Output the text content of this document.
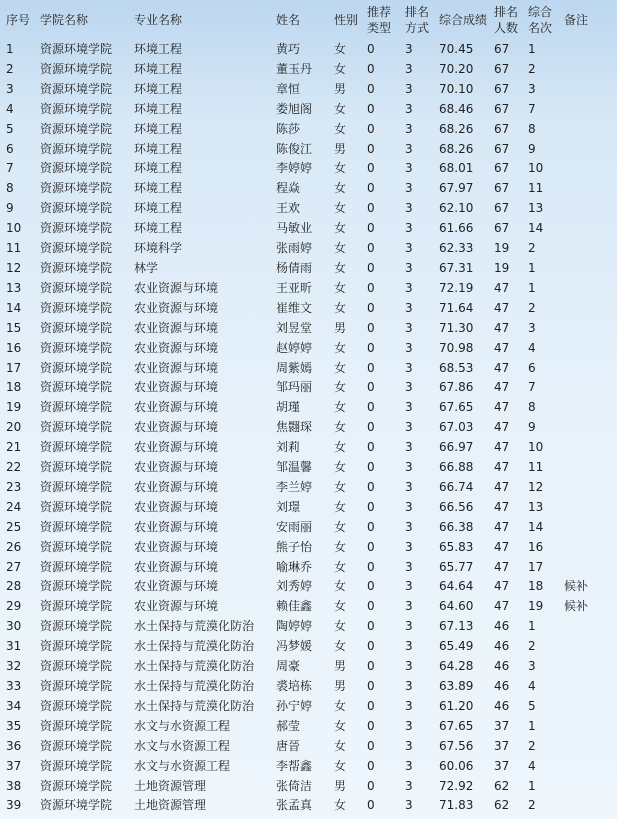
序号	学院名称	专业名称	姓名	性别	推荐类型	排名方式	综合成绩	排名人数	综合名次	备注
1	资源环境学院	环境工程	黄巧	女	0	3	70.45	67	1	
2	资源环境学院	环境工程	董玉丹	女	0	3	70.20	67	2	
3	资源环境学院	环境工程	章恒	男	0	3	70.10	67	3	
4	资源环境学院	环境工程	娄旭阁	女	0	3	68.46	67	7	
5	资源环境学院	环境工程	陈莎	女	0	3	68.26	67	8	
6	资源环境学院	环境工程	陈俊江	男	0	3	68.26	67	9	
7	资源环境学院	环境工程	李婷婷	女	0	3	68.01	67	10	
8	资源环境学院	环境工程	程焱	女	0	3	67.97	67	11	
9	资源环境学院	环境工程	王欢	女	0	3	62.10	67	13	
10	资源环境学院	环境工程	马敏业	女	0	3	61.66	67	14	
11	资源环境学院	环境科学	张雨婷	女	0	3	62.33	19	2	
12	资源环境学院	林学	杨倩雨	女	0	3	67.31	19	1	
13	资源环境学院	农业资源与环境	王亚昕	女	0	3	72.19	47	1	
14	资源环境学院	农业资源与环境	崔维文	女	0	3	71.64	47	2	
15	资源环境学院	农业资源与环境	刘昱堂	男	0	3	71.30	47	3	
16	资源环境学院	农业资源与环境	赵婷婷	女	0	3	70.98	47	4	
17	资源环境学院	农业资源与环境	周紫嫣	女	0	3	68.53	47	6	
18	资源环境学院	农业资源与环境	邹玛丽	女	0	3	67.86	47	7	
19	资源环境学院	农业资源与环境	胡瑾	女	0	3	67.65	47	8	
20	资源环境学院	农业资源与环境	焦翾琛	女	0	3	67.03	47	9	
21	资源环境学院	农业资源与环境	刘莉	女	0	3	66.97	47	10	
22	资源环境学院	农业资源与环境	邹温馨	女	0	3	66.88	47	11	
23	资源环境学院	农业资源与环境	李兰婷	女	0	3	66.74	47	12	
24	资源环境学院	农业资源与环境	刘璟	女	0	3	66.56	47	13	
25	资源环境学院	农业资源与环境	安雨丽	女	0	3	66.38	47	14	
26	资源环境学院	农业资源与环境	熊子怡	女	0	3	65.83	47	16	
27	资源环境学院	农业资源与环境	喻琳乔	女	0	3	65.77	47	17	
28	资源环境学院	农业资源与环境	刘秀婷	女	0	3	64.64	47	18	候补
29	资源环境学院	农业资源与环境	赖佳鑫	女	0	3	64.60	47	19	候补
30	资源环境学院	水土保持与荒漠化防治	陶婷婷	女	0	3	67.13	46	1	
31	资源环境学院	水土保持与荒漠化防治	冯梦媛	女	0	3	65.49	46	2	
32	资源环境学院	水土保持与荒漠化防治	周豪	男	0	3	64.28	46	3	
33	资源环境学院	水土保持与荒漠化防治	裘培栋	男	0	3	63.89	46	4	
34	资源环境学院	水土保持与荒漠化防治	孙宁婷	女	0	3	61.20	46	5	
35	资源环境学院	水文与水资源工程	郝莹	女	0	3	67.65	37	1	
36	资源环境学院	水文与水资源工程	唐晉	女	0	3	67.56	37	2	
37	资源环境学院	水文与水资源工程	李帮鑫	女	0	3	60.06	37	4	
38	资源环境学院	土地资源管理	张倚洁	男	0	3	72.92	62	1	
39	资源环境学院	土地资源管理	张孟真	女	0	3	71.83	62	2	
